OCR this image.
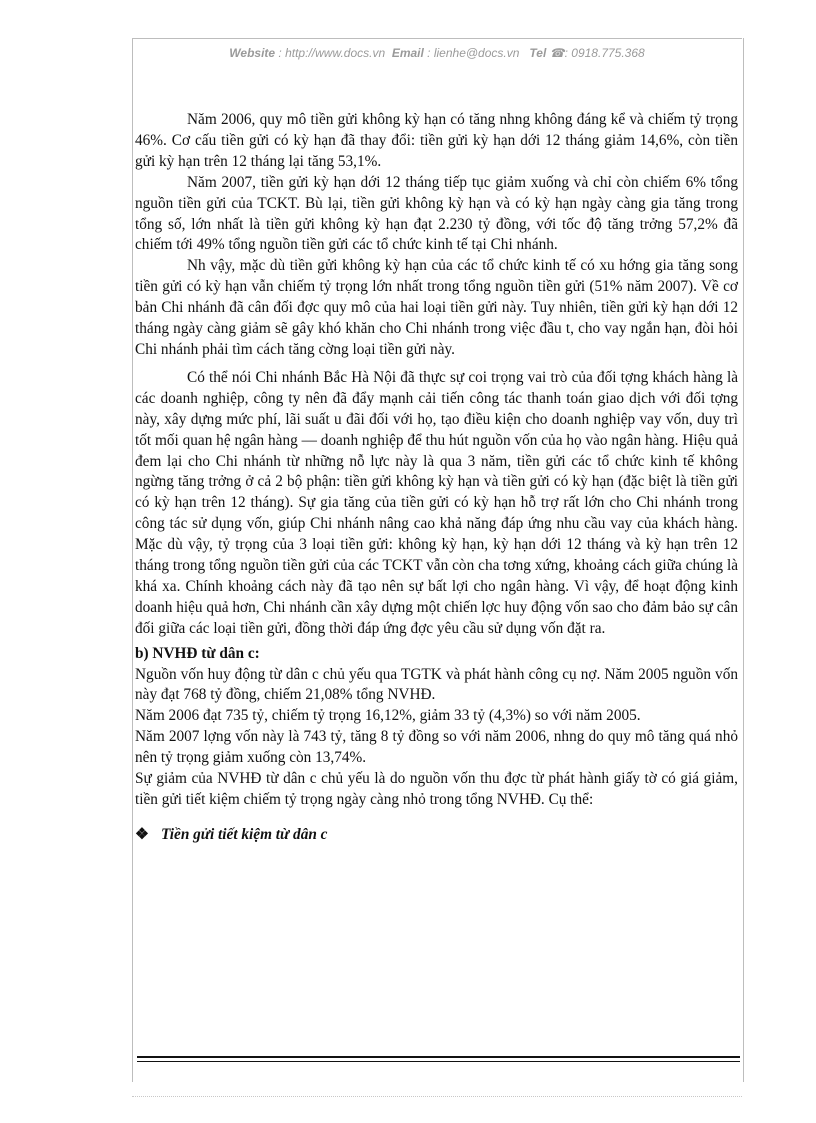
Website : http://www.docs.vn Email : lienhe@docs.vn Tel ☎: 0918.775.368

Năm 2006, quy mô tiền gửi không kỳ hạn có tăng nhng không đáng kể và chiếm tỷ trọng 46%. Cơ cấu tiền gửi có kỳ hạn đã thay đổi: tiền gửi kỳ hạn dới 12 tháng giảm 14,6%, còn tiền gửi kỳ hạn trên 12 tháng lại tăng 53,1%.

Năm 2007, tiền gửi kỳ hạn dới 12 tháng tiếp tục giảm xuống và chỉ còn chiếm 6% tổng nguồn tiền gửi của TCKT. Bù lại, tiền gửi không kỳ hạn và có kỳ hạn ngày càng gia tăng trong tổng số, lớn nhất là tiền gửi không kỳ hạn đạt 2.230 tỷ đồng, với tốc độ tăng trởng 57,2% đã chiếm tới 49% tổng nguồn tiền gửi các tổ chức kinh tế tại Chi nhánh.

Nh vậy, mặc dù tiền gửi không kỳ hạn của các tổ chức kinh tế có xu hớng gia tăng song tiền gửi có kỳ hạn vẫn chiếm tỷ trọng lớn nhất trong tổng nguồn tiền gửi (51% năm 2007). Về cơ bản Chi nhánh đã cân đối đợc quy mô của hai loại tiền gửi này. Tuy nhiên, tiền gửi kỳ hạn dới 12 tháng ngày càng giảm sẽ gây khó khăn cho Chi nhánh trong việc đầu t, cho vay ngắn hạn, đòi hỏi Chi nhánh phải tìm cách tăng cờng loại tiền gửi này.

Có thể nói Chi nhánh Bắc Hà Nội đã thực sự coi trọng vai trò của đối tợng khách hàng là các doanh nghiệp, công ty nên đã đẩy mạnh cải tiến công tác thanh toán giao dịch với đối tợng này, xây dựng mức phí, lãi suất u đãi đối với họ, tạo điều kiện cho doanh nghiệp vay vốn, duy trì tốt mối quan hệ ngân hàng — doanh nghiệp để thu hút nguồn vốn của họ vào ngân hàng. Hiệu quả đem lại cho Chi nhánh từ những nỗ lực này là qua 3 năm, tiền gửi các tổ chức kinh tế không ngừng tăng trởng ở cả 2 bộ phận: tiền gửi không kỳ hạn và tiền gửi có kỳ hạn (đặc biệt là tiền gửi có kỳ hạn trên 12 tháng). Sự gia tăng của tiền gửi có kỳ hạn hỗ trợ rất lớn cho Chi nhánh trong công tác sử dụng vốn, giúp Chi nhánh nâng cao khả năng đáp ứng nhu cầu vay của khách hàng. Mặc dù vậy, tỷ trọng của 3 loại tiền gửi: không kỳ hạn, kỳ hạn dới 12 tháng và kỳ hạn trên 12 tháng trong tổng nguồn tiền gửi của các TCKT vẫn còn cha tơng xứng, khoảng cách giữa chúng là khá xa. Chính khoảng cách này đã tạo nên sự bất lợi cho ngân hàng. Vì vậy, để hoạt động kinh doanh hiệu quả hơn, Chi nhánh cần xây dựng một chiến lợc huy động vốn sao cho đảm bảo sự cân đối giữa các loại tiền gửi, đồng thời đáp ứng đợc yêu cầu sử dụng vốn đặt ra.

b) NVHĐ từ dân c:

Nguồn vốn huy động từ dân c chủ yếu qua TGTK và phát hành công cụ nợ. Năm 2005 nguồn vốn này đạt 768 tỷ đồng, chiếm 21,08% tổng NVHĐ.

Năm 2006 đạt 735 tỷ, chiếm tỷ trọng 16,12%, giảm 33 tỷ (4,3%) so với năm 2005.

Năm 2007 lợng vốn này là 743 tỷ, tăng 8 tỷ đồng so với năm 2006, nhng do quy mô tăng quá nhỏ nên tỷ trọng giảm xuống còn 13,74%.

Sự giảm của NVHĐ từ dân c chủ yếu là do nguồn vốn thu đợc từ phát hành giấy tờ có giá giảm, tiền gửi tiết kiệm chiếm tỷ trọng ngày càng nhỏ trong tổng NVHĐ. Cụ thể:

❖ Tiền gửi tiết kiệm từ dân c
